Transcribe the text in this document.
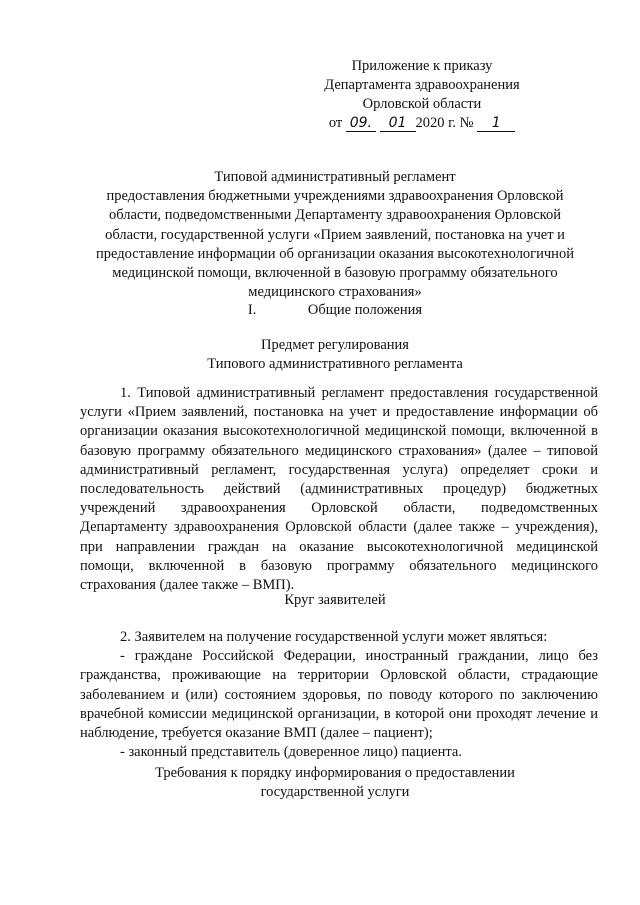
Приложение к приказу
Департамента здравоохранения
Орловской области
от 09. 01 2020 г. № 1
Типовой административный регламент
предоставления бюджетными учреждениями здравоохранения Орловской
области, подведомственными Департаменту здравоохранения Орловской
области, государственной услуги «Прием заявлений, постановка на учет и
предоставление информации об организации оказания высокотехнологичной
медицинской помощи, включенной в базовую программу обязательного
медицинского страхования»
I.	Общие положения
Предмет регулирования
Типового административного регламента
1. Типовой административный регламент предоставления государственной услуги «Прием заявлений, постановка на учет и предоставление информации об организации оказания высокотехнологичной медицинской помощи, включенной в базовую программу обязательного медицинского страхования» (далее – типовой административный регламент, государственная услуга) определяет сроки и последовательность действий (административных процедур) бюджетных учреждений здравоохранения Орловской области, подведомственных Департаменту здравоохранения Орловской области (далее также – учреждения), при направлении граждан на оказание высокотехнологичной медицинской помощи, включенной в базовую программу обязательного медицинского страхования (далее также – ВМП).
Круг заявителей
2. Заявителем на получение государственной услуги может являться:
- граждане Российской Федерации, иностранный граждании, лицо без гражданства, проживающие на территории Орловской области, страдающие заболеванием и (или) состоянием здоровья, по поводу которого по заключению врачебной комиссии медицинской организации, в которой они проходят лечение и наблюдение, требуется оказание ВМП (далее – пациент);
- законный представитель (доверенное лицо) пациента.
Требования к порядку информирования о предоставлении
государственной услуги
